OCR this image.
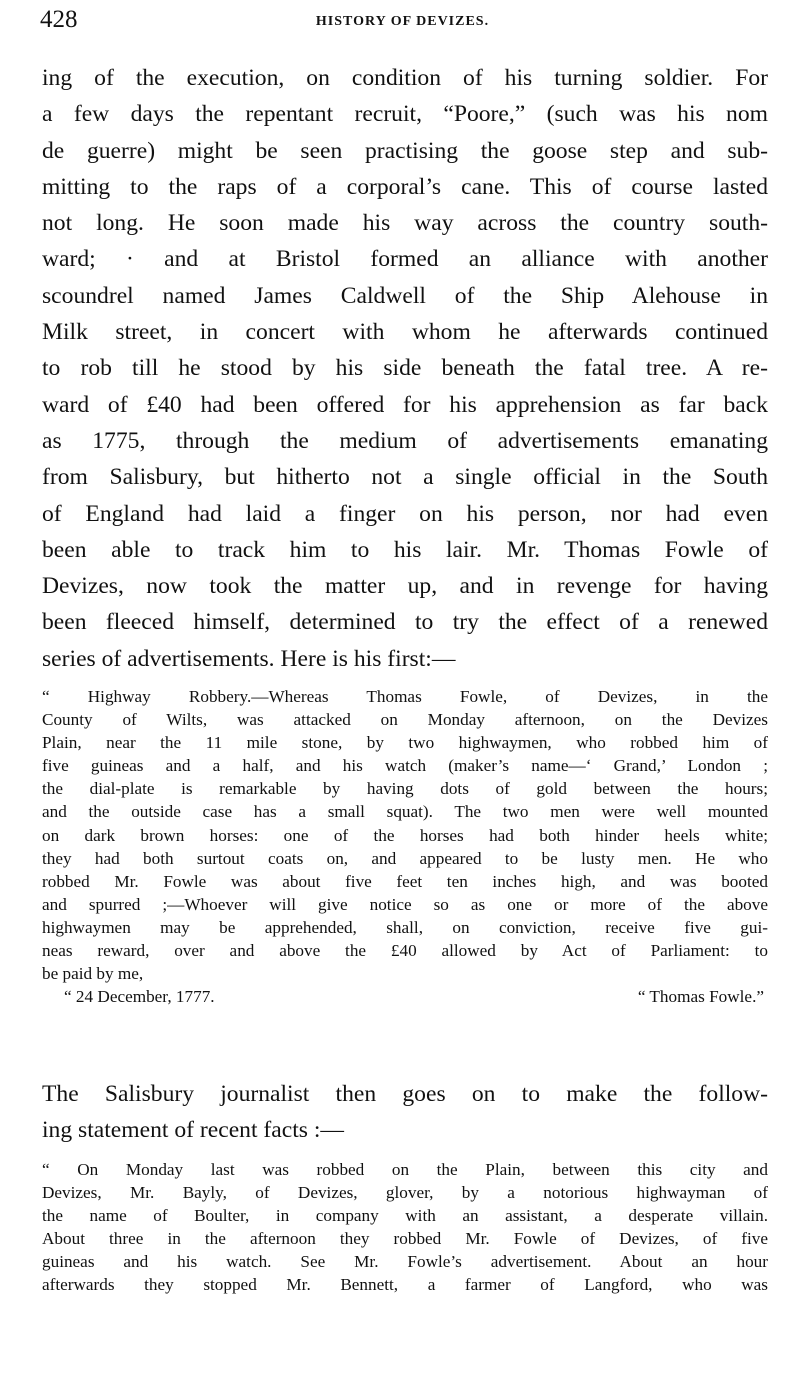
428	HISTORY OF DEVIZES.
ing of the execution, on condition of his turning soldier. For
a few days the repentant recruit, “Poore,” (such was his nom
de guerre) might be seen practising the goose step and sub-
mitting to the raps of a corporal’s cane. This of course lasted
not long. He soon made his way across the country south-
ward; · and at Bristol formed an alliance with another
scoundrel named James Caldwell of the Ship Alehouse in
Milk street, in concert with whom he afterwards continued
to rob till he stood by his side beneath the fatal tree. A re-
ward of £40 had been offered for his apprehension as far back
as 1775, through the medium of advertisements emanating
from Salisbury, but hitherto not a single official in the South
of England had laid a finger on his person, nor had even
been able to track him to his lair. Mr. Thomas Fowle of
Devizes, now took the matter up, and in revenge for having
been fleeced himself, determined to try the effect of a renewed
series of advertisements. Here is his first:—
“ Highway Robbery.—Whereas Thomas Fowle, of Devizes, in the
County of Wilts, was attacked on Monday afternoon, on the Devizes
Plain, near the 11 mile stone, by two highwaymen, who robbed him of
five guineas and a half, and his watch (maker’s name—‘ Grand,’ London ;
the dial-plate is remarkable by having dots of gold between the hours;
and the outside case has a small squat). The two men were well mounted
on dark brown horses: one of the horses had both hinder heels white;
they had both surtout coats on, and appeared to be lusty men. He who
robbed Mr. Fowle was about five feet ten inches high, and was booted
and spurred ;—Whoever will give notice so as one or more of the above
highwaymen may be apprehended, shall, on conviction, receive five gui-
neas reward, over and above the £40 allowed by Act of Parliament: to
be paid by me,
“ 24 December, 1777.	“ Thomas Fowle.”
The Salisbury journalist then goes on to make the follow-
ing statement of recent facts :—
“ On Monday last was robbed on the Plain, between this city and
Devizes, Mr. Bayly, of Devizes, glover, by a notorious highwayman of
the name of Boulter, in company with an assistant, a desperate villain.
About three in the afternoon they robbed Mr. Fowle of Devizes, of five
guineas and his watch. See Mr. Fowle’s advertisement. About an hour
afterwards they stopped Mr. Bennett, a farmer of Langford, who was
